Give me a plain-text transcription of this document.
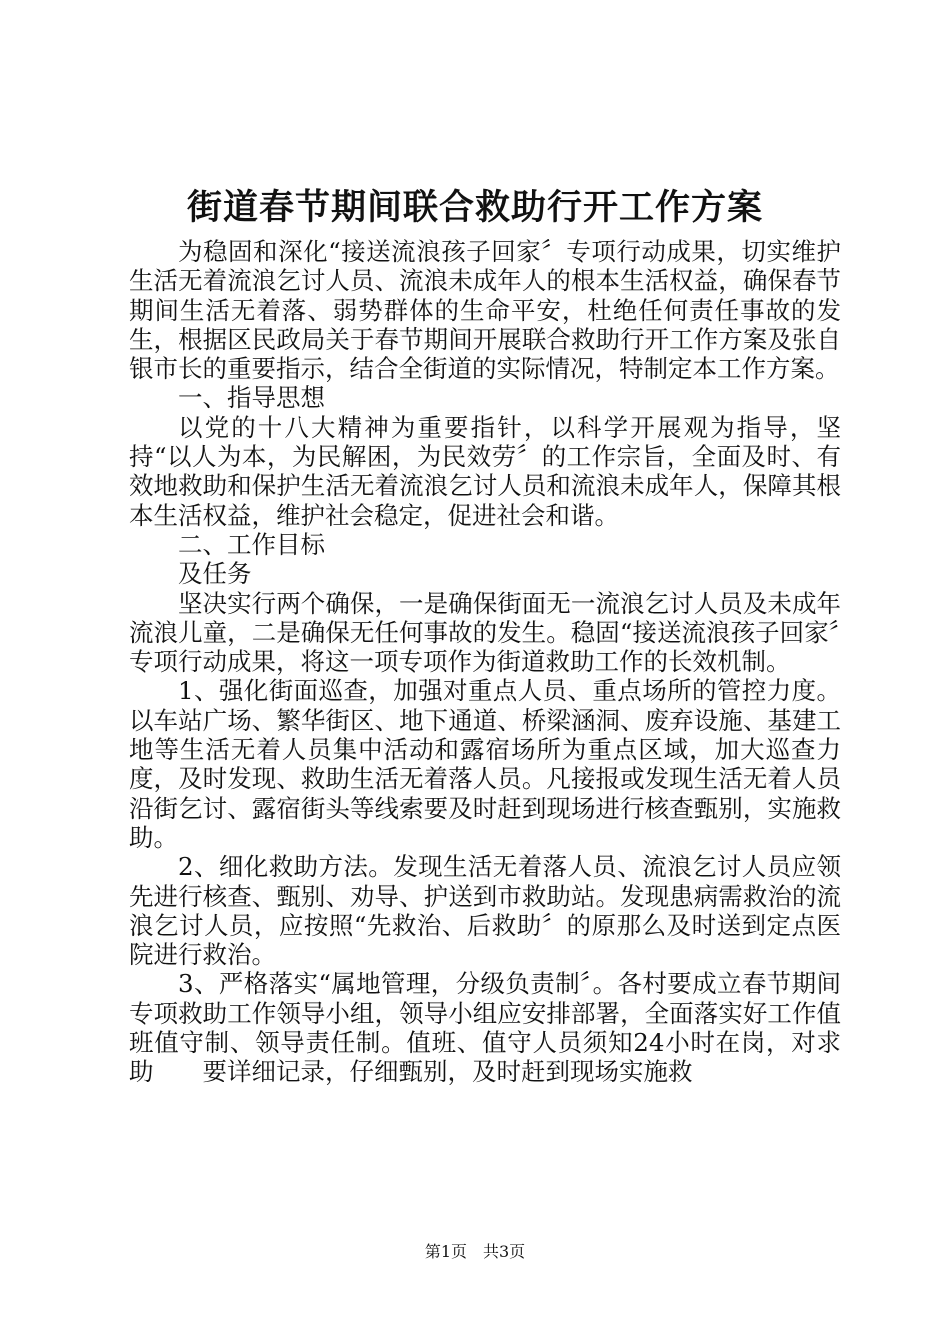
街道春节期间联合救助行开工作方案

为稳固和深化“接送流浪孩子回家〞专项行动成果，切实维护生活无着流浪乞讨人员、流浪未成年人的根本生活权益，确保春节期间生活无着落、弱势群体的生命平安，杜绝任何责任事故的发生，根据区民政局关于春节期间开展联合救助行开工作方案及张自银市长的重要指示，结合全街道的实际情况，特制定本工作方案。

一、指导思想

以党的十八大精神为重要指针，以科学开展观为指导，坚持“以人为本，为民解困，为民效劳〞的工作宗旨，全面及时、有效地救助和保护生活无着流浪乞讨人员和流浪未成年人，保障其根本生活权益，维护社会稳定，促进社会和谐。

二、工作目标

及任务

坚决实行两个确保，一是确保街面无一流浪乞讨人员及未成年流浪儿童，二是确保无任何事故的发生。稳固“接送流浪孩子回家〞专项行动成果，将这一项专项作为街道救助工作的长效机制。

1、强化街面巡查，加强对重点人员、重点场所的管控力度。以车站广场、繁华街区、地下通道、桥梁涵洞、废弃设施、基建工地等生活无着人员集中活动和露宿场所为重点区域，加大巡查力度，及时发现、救助生活无着落人员。凡接报或发现生活无着人员沿街乞讨、露宿街头等线索要及时赶到现场进行核查甄别，实施救助。

2、细化救助方法。发现生活无着落人员、流浪乞讨人员应领先进行核查、甄别、劝导、护送到市救助站。发现患病需救治的流浪乞讨人员，应按照“先救治、后救助〞的原那么及时送到定点医院进行救治。

3、严格落实“属地管理，分级负责制〞。各村要成立春节期间专项救助工作领导小组，领导小组应安排部署，全面落实好工作值班值守制、领导责任制。值班、值守人员须知24小时在岗，对求助　　要详细记录，仔细甄别，及时赶到现场实施救

第1页　共3页
